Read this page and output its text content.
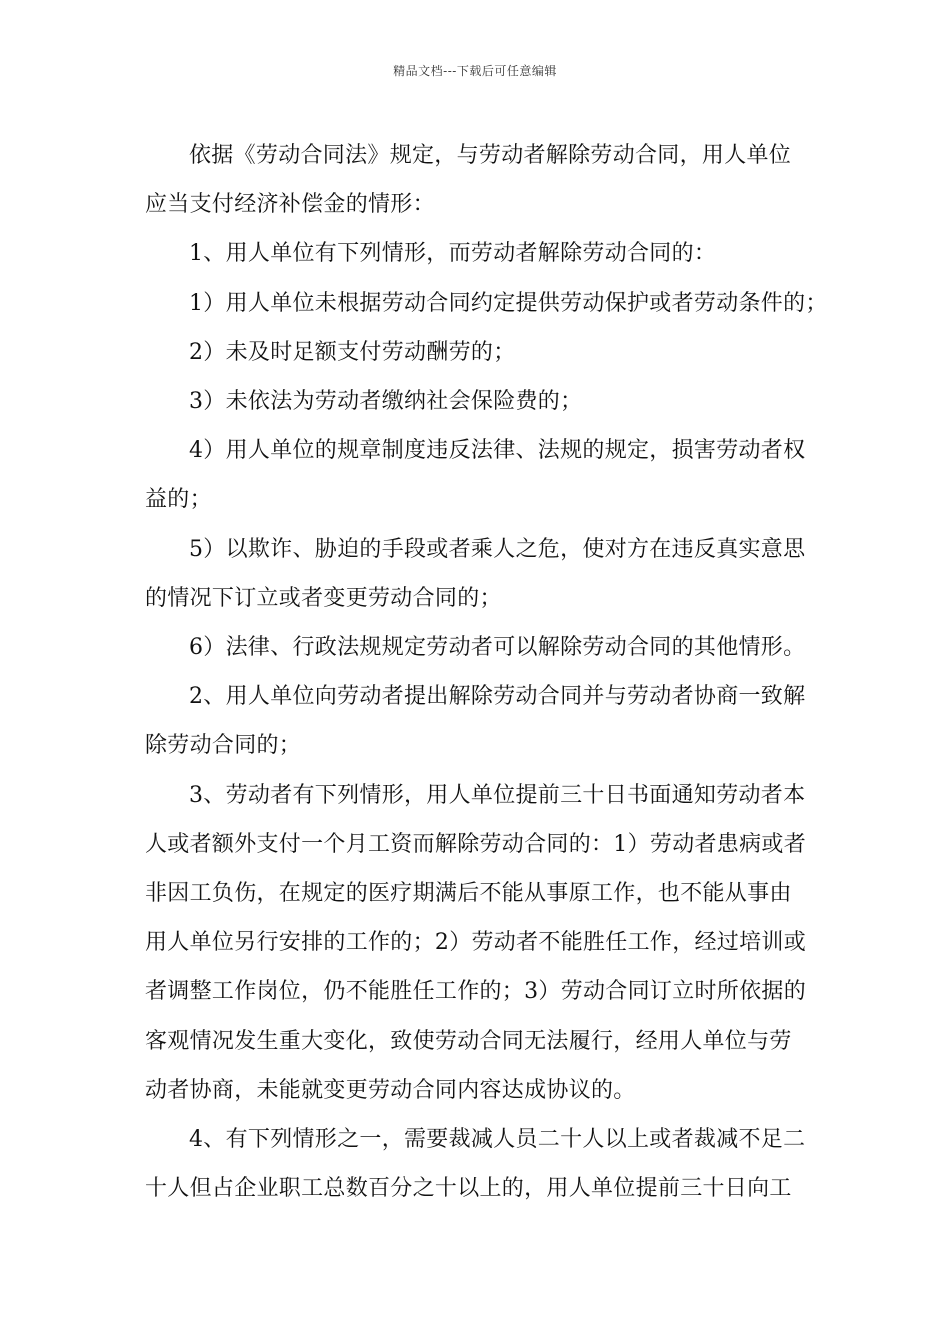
精品文档---下载后可任意编辑

依据《劳动合同法》规定，与劳动者解除劳动合同，用人单位应当支付经济补偿金的情形：

1、用人单位有下列情形，而劳动者解除劳动合同的：

1）用人单位未根据劳动合同约定提供劳动保护或者劳动条件的；

2）未及时足额支付劳动酬劳的；

3）未依法为劳动者缴纳社会保险费的；

4）用人单位的规章制度违反法律、法规的规定，损害劳动者权益的；

5）以欺诈、胁迫的手段或者乘人之危，使对方在违反真实意思的情况下订立或者变更劳动合同的；

6）法律、行政法规规定劳动者可以解除劳动合同的其他情形。

2、用人单位向劳动者提出解除劳动合同并与劳动者协商一致解除劳动合同的；

3、劳动者有下列情形，用人单位提前三十日书面通知劳动者本人或者额外支付一个月工资而解除劳动合同的：1）劳动者患病或者非因工负伤，在规定的医疗期满后不能从事原工作，也不能从事由用人单位另行安排的工作的；2）劳动者不能胜任工作，经过培训或者调整工作岗位，仍不能胜任工作的；3）劳动合同订立时所依据的客观情况发生重大变化，致使劳动合同无法履行，经用人单位与劳动者协商，未能就变更劳动合同内容达成协议的。

4、有下列情形之一，需要裁减人员二十人以上或者裁减不足二十人但占企业职工总数百分之十以上的，用人单位提前三十日向工
